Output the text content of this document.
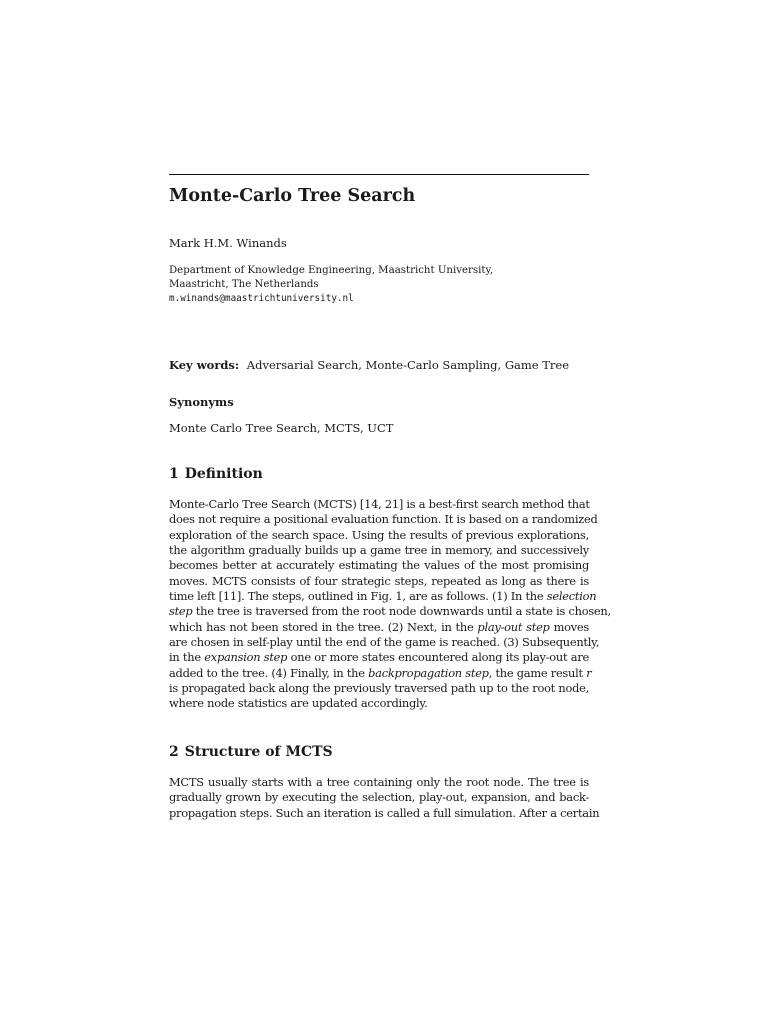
Monte-Carlo Tree Search
Mark H.M. Winands
Department of Knowledge Engineering, Maastricht University,
Maastricht, The Netherlands
m.winands@maastrichtuniversity.nl
Key words: Adversarial Search, Monte-Carlo Sampling, Game Tree
Synonyms
Monte Carlo Tree Search, MCTS, UCT
1 Definition
Monte-Carlo Tree Search (MCTS) [14, 21] is a best-first search method that
does not require a positional evaluation function. It is based on a randomized
exploration of the search space. Using the results of previous explorations,
the algorithm gradually builds up a game tree in memory, and successively
becomes better at accurately estimating the values of the most promising
moves. MCTS consists of four strategic steps, repeated as long as there is
time left [11]. The steps, outlined in Fig. 1, are as follows. (1) In the selection
step the tree is traversed from the root node downwards until a state is chosen,
which has not been stored in the tree. (2) Next, in the play-out step moves
are chosen in self-play until the end of the game is reached. (3) Subsequently,
in the expansion step one or more states encountered along its play-out are
added to the tree. (4) Finally, in the backpropagation step, the game result r
is propagated back along the previously traversed path up to the root node,
where node statistics are updated accordingly.
2 Structure of MCTS
MCTS usually starts with a tree containing only the root node. The tree is
gradually grown by executing the selection, play-out, expansion, and back-
propagation steps. Such an iteration is called a full simulation. After a certain
